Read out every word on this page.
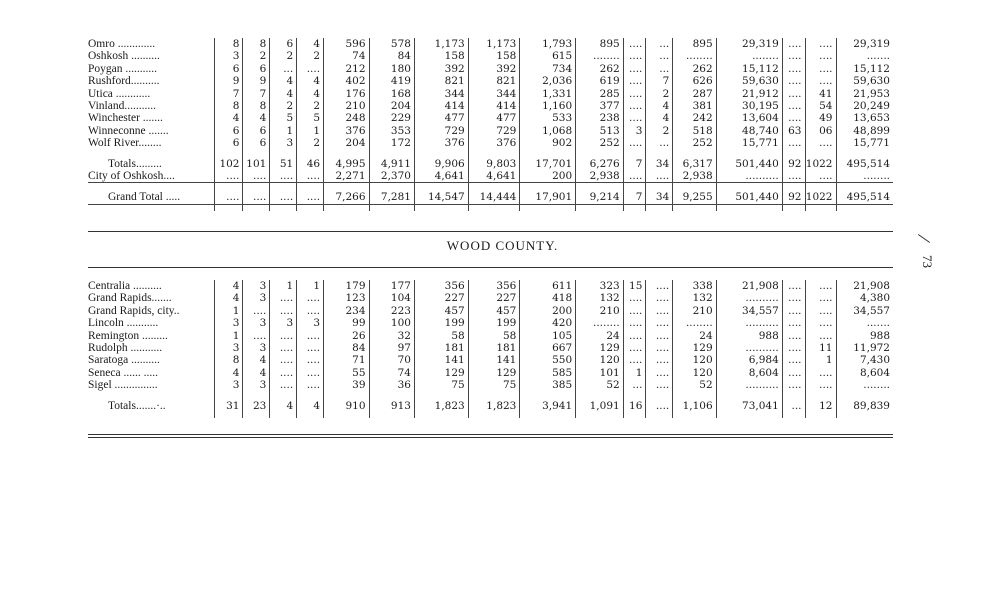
Omro .............	8	8	6	4	596	578	1,173	1,173	1,793	895	....	...	895	29,319	....	....	29,319
Oshkosh ..........	3	2	2	2	74	84	158	158	615	........	....	...	........	........	....	....	.......
Poygan ...........	6	6	...	....	212	180	392	392	734	262	....	...	262	15,112	....	....	15,112
Rushford..........	9	9	4	4	402	419	821	821	2,036	619	....	7	626	59,630	....	....	59,630
Utica ............	7	7	4	4	176	168	344	344	1,331	285	....	2	287	21,912	....	41	21,953
Vinland...........	8	8	2	2	210	204	414	414	1,160	377	....	4	381	30,195	....	54	20,249
Winchester .......	4	4	5	5	248	229	477	477	533	238	....	4	242	13,604	....	49	13,653
Winneconne .......	6	6	1	1	376	353	729	729	1,068	513	3	2	518	48,740	63	06	48,899
Wolf River........	6	6	3	2	204	172	376	376	902	252	....	...	252	15,771	....	....	15,771

Totals.........	102	101	51	46	4,995	4,911	9,906	9,803	17,701	6,276	7	34	6,317	501,440	92	1022	495,514
City of Oshkosh....	....	....	....	....	2,271	2,370	4,641	4,641	200	2,938	....	....	2,938	..........	....	....	........

Grand Total .....	....	....	....	....	7,266	7,281	14,547	14,444	17,901	9,214	7	34	9,255	501,440	92	1022	495,514

WOOD COUNTY.
73
Centralia ..........	4	3	1	1	179	177	356	356	611	323	15	....	338	21,908	....	....	21,908
Grand Rapids.......	4	3	....	....	123	104	227	227	418	132	....	....	132	..........	....	....	4,380
Grand Rapids, city..	1	....	....	....	234	223	457	457	200	210	....	....	210	34,557	....	....	34,557
Lincoln ...........	3	3	3	3	99	100	199	199	420	........	....	....	........	..........	....	....	.......
Remington .........	1	....	....	....	26	32	58	58	105	24	....	....	24	988	....	....	988
Rudolph ...........	3	3	....	....	84	97	181	181	667	129	....	....	129	..........	....	11	11,972
Saratoga ..........	8	4	....	....	71	70	141	141	550	120	....	....	120	6,984	....	1	7,430
Seneca ...... .....	4	4	....	....	55	74	129	129	585	101	1	....	120	8,604	....	....	8,604
Sigel ...............	3	3	....	....	39	36	75	75	385	52	...	....	52	..........	....	....	........

Totals.......·..	31	23	4	4	910	913	1,823	1,823	3,941	1,091	16	....	1,106	73,041	...	12	89,839
